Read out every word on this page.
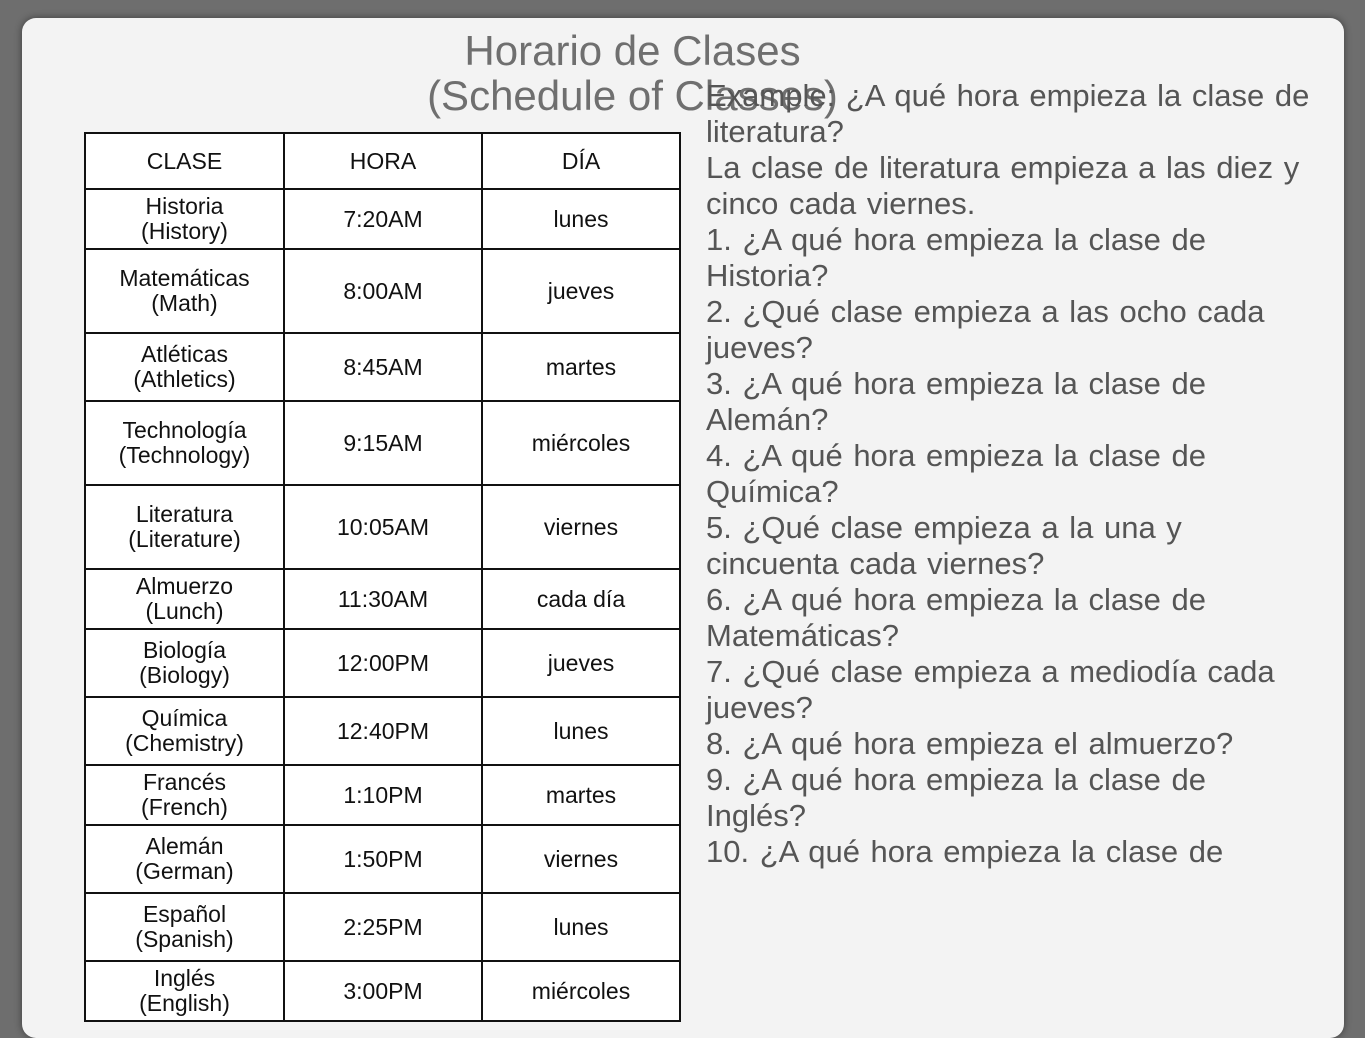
Horario de Clases
(Schedule of Classes)
CLASE	HORA	DÍA

Historia
(History)	7:20AM	lunes

Matemáticas
(Math)	8:00AM	jueves

Atléticas
(Athletics)	8:45AM	martes

Technología
(Technology)	9:15AM	miércoles

Literatura
(Literature)	10:05AM	viernes

Almuerzo
(Lunch)	11:30AM	cada día

Biología
(Biology)	12:00PM	jueves

Química
(Chemistry)	12:40PM	lunes

Francés
(French)	1:10PM	martes

Alemán
(German)	1:50PM	viernes

Español
(Spanish)	2:25PM	lunes

Inglés
(English)	3:00PM	miércoles
Example: ¿A qué hora empieza la clase de
literatura?
La clase de literatura empieza a las diez y cinco cada viernes.
1. ¿A qué hora empieza la clase de Historia?
2. ¿Qué clase empieza a las ocho cada
jueves?
3. ¿A qué hora empieza la clase de Alemán?
4. ¿A qué hora empieza la clase de Química?
5. ¿Qué clase empieza a la una y cincuenta cada viernes?
6. ¿A qué hora empieza la clase de Matemáticas?
7. ¿Qué clase empieza a mediodía cada
jueves?
8. ¿A qué hora empieza el almuerzo?
9. ¿A qué hora empieza la clase de Inglés?
10. ¿A qué hora empieza la clase de
